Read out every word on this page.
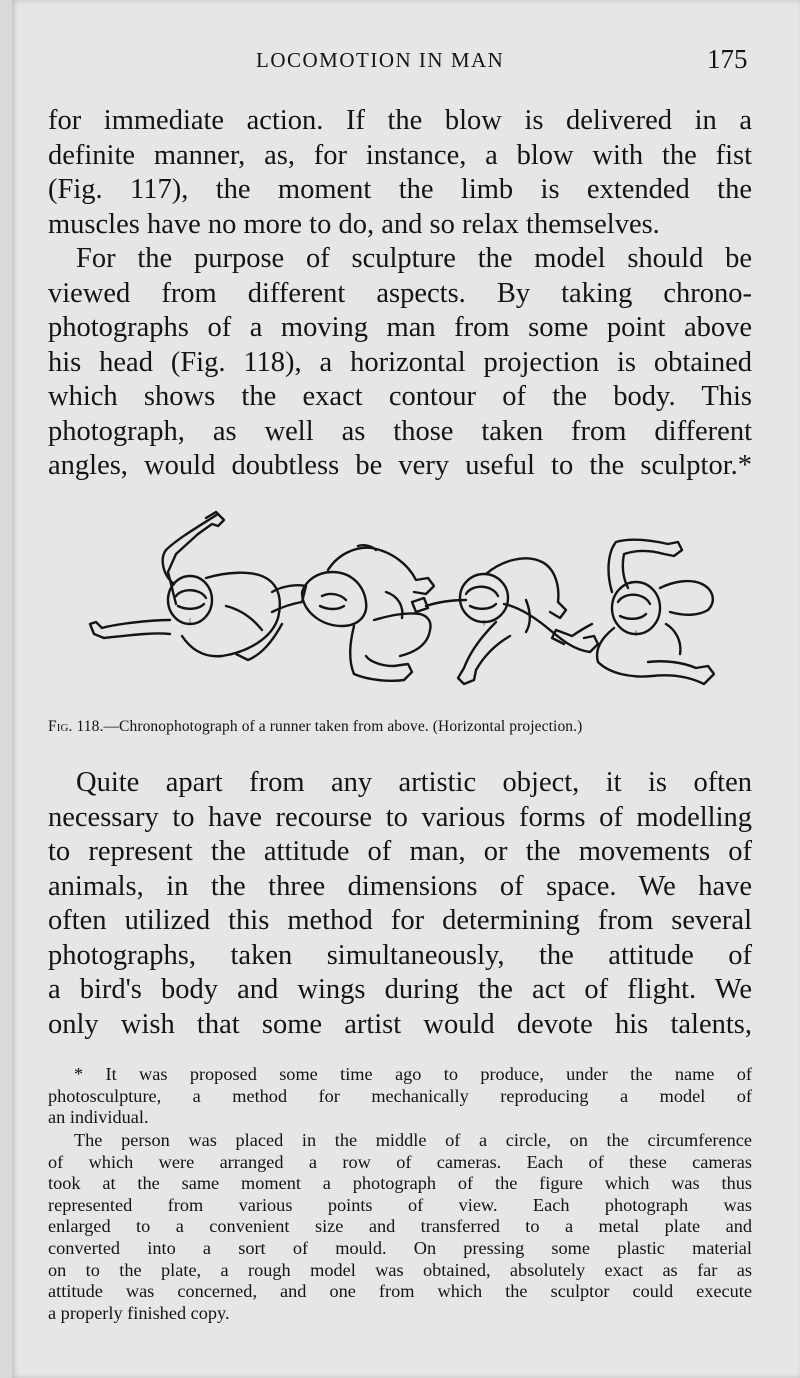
LOCOMOTION IN MAN	175

for immediate action. If the blow is delivered in a
definite manner, as, for instance, a blow with the fist
(Fig. 117), the moment the limb is extended the
muscles have no more to do, and so relax themselves.

For the purpose of sculpture the model should be
viewed from different aspects. By taking chrono-
photographs of a moving man from some point above
his head (Fig. 118), a horizontal projection is obtained
which shows the exact contour of the body. This
photograph, as well as those taken from different
angles, would doubtless be very useful to the sculptor.*

Fig. 118.—Chronophotograph of a runner taken from above. (Horizontal projection.)

Quite apart from any artistic object, it is often
necessary to have recourse to various forms of modelling
to represent the attitude of man, or the movements of
animals, in the three dimensions of space. We have
often utilized this method for determining from several
photographs, taken simultaneously, the attitude of
a bird's body and wings during the act of flight. We
only wish that some artist would devote his talents,

* It was proposed some time ago to produce, under the name of
photosculpture, a method for mechanically reproducing a model of
an individual.

The person was placed in the middle of a circle, on the circumference
of which were arranged a row of cameras. Each of these cameras
took at the same moment a photograph of the figure which was thus
represented from various points of view. Each photograph was
enlarged to a convenient size and transferred to a metal plate and
converted into a sort of mould. On pressing some plastic material
on to the plate, a rough model was obtained, absolutely exact as far as
attitude was concerned, and one from which the sculptor could execute
a properly finished copy.
